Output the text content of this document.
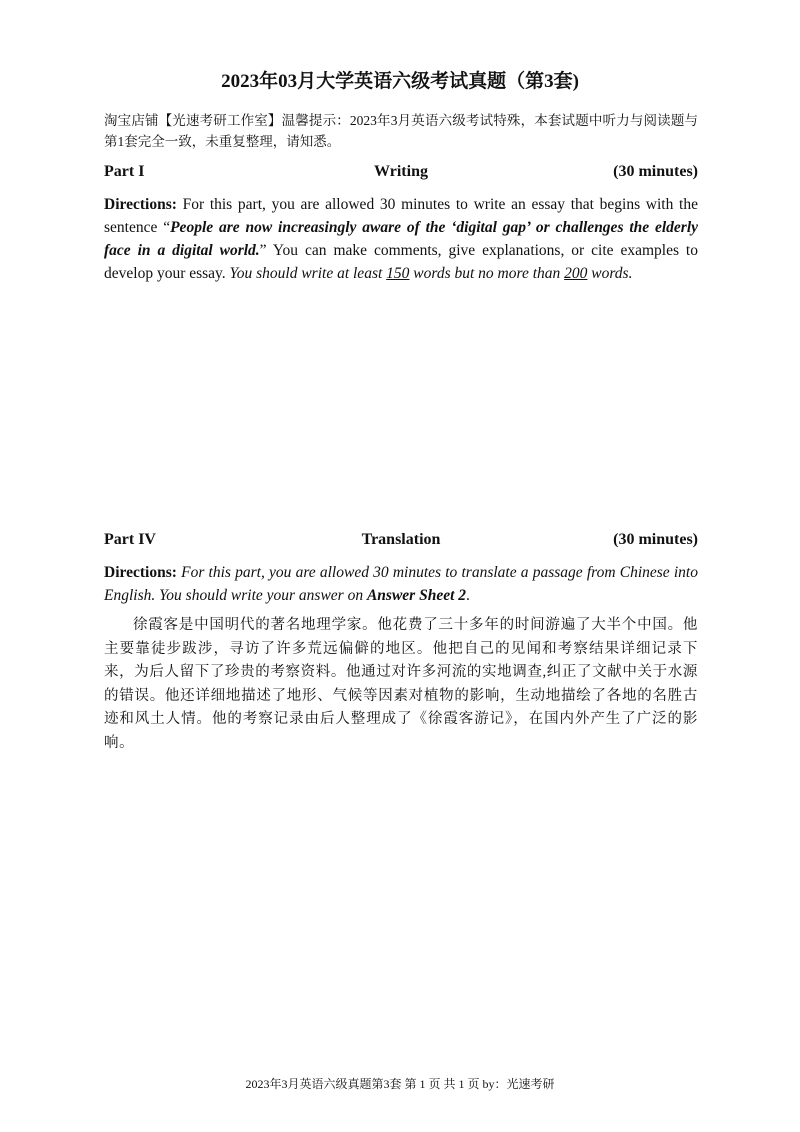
2023年03月大学英语六级考试真题（第3套)
淘宝店铺【光速考研工作室】温馨提示：2023年3月英语六级考试特殊，本套试题中听力与阅读题与第1套完全一致，未重复整理，请知悉。
Writing
Part I	(30 minutes)
Directions: For this part, you are allowed 30 minutes to write an essay that begins with the sentence “People are now increasingly aware of the ‘digital gap’ or challenges the elderly face in a digital world.” You can make comments, give explanations, or cite examples to develop your essay. You should write at least 150 words but no more than 200 words.
Translation
Part IV	(30 minutes)
Directions: For this part, you are allowed 30 minutes to translate a passage from Chinese into English. You should write your answer on Answer Sheet 2.
徐霞客是中国明代的著名地理学家。他花费了三十多年的时间游遍了大半个中国。他主要靠徒步跋涉，寻访了许多荒远偏僻的地区。他把自己的见闻和考察结果详细记录下来，为后人留下了珍贵的考察资料。他通过对许多河流的实地调查,纠正了文献中关于水源的错误。他还详细地描述了地形、气候等因素对植物的影响，生动地描绘了各地的名胜古迹和风土人情。他的考察记录由后人整理成了《徐霞客游记》，在国内外产生了广泛的影响。
2023年3月英语六级真题第3套 第 1 页 共 1 页 by：光速考研
